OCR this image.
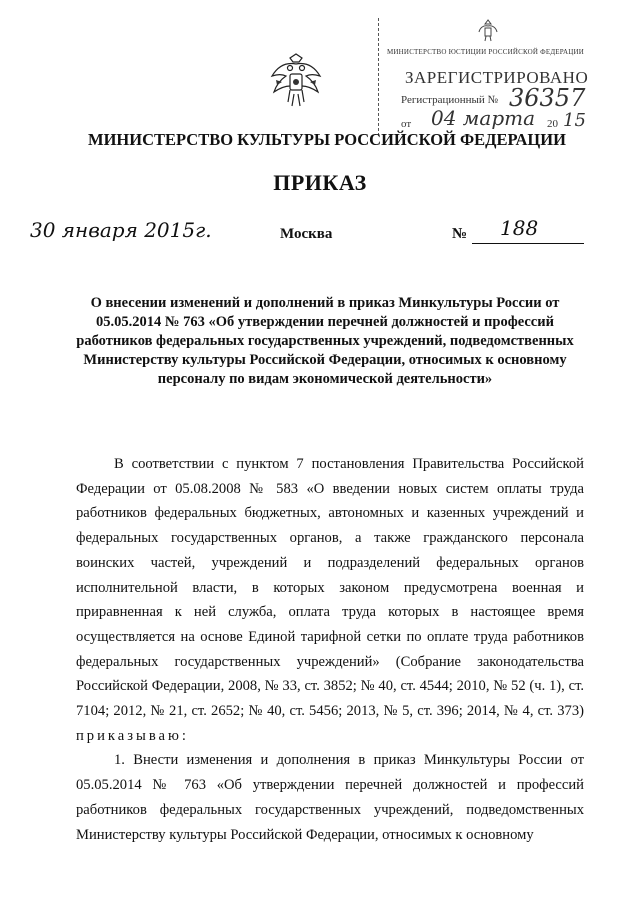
МИНИСТЕРСТВО ЮСТИЦИИ РОССИЙСКОЙ ФЕДЕРАЦИИ
ЗАРЕГИСТРИРОВАНО
Регистрационный № 36357
от 04 марта 20 15
МИНИСТЕРСТВО КУЛЬТУРЫ РОССИЙСКОЙ ФЕДЕРАЦИИ
ПРИКАЗ
30 января 2015г.	Москва	№ 188
О внесении изменений и дополнений в приказ Минкультуры России от 05.05.2014 № 763 «Об утверждении перечней должностей и профессий работников федеральных государственных учреждений, подведомственных Министерству культуры Российской Федерации, относимых к основному персоналу по видам экономической деятельности»

В соответствии с пунктом 7 постановления Правительства Российской Федерации от 05.08.2008 № 583 «О введении новых систем оплаты труда работников федеральных бюджетных, автономных и казенных учреждений и федеральных государственных органов, а также гражданского персонала воинских частей, учреждений и подразделений федеральных органов исполнительной власти, в которых законом предусмотрена военная и приравненная к ней служба, оплата труда которых в настоящее время осуществляется на основе Единой тарифной сетки по оплате труда работников федеральных государственных учреждений» (Собрание законодательства Российской Федерации, 2008, № 33, ст. 3852; № 40, ст. 4544; 2010, № 52 (ч. 1), ст. 7104; 2012, № 21, ст. 2652; № 40, ст. 5456; 2013, № 5, ст. 396; 2014, № 4, ст. 373) приказываю:

1. Внести изменения и дополнения в приказ Минкультуры России от 05.05.2014 № 763 «Об утверждении перечней должностей и профессий работников федеральных государственных учреждений, подведомственных Министерству культуры Российской Федерации, относимых к основному
